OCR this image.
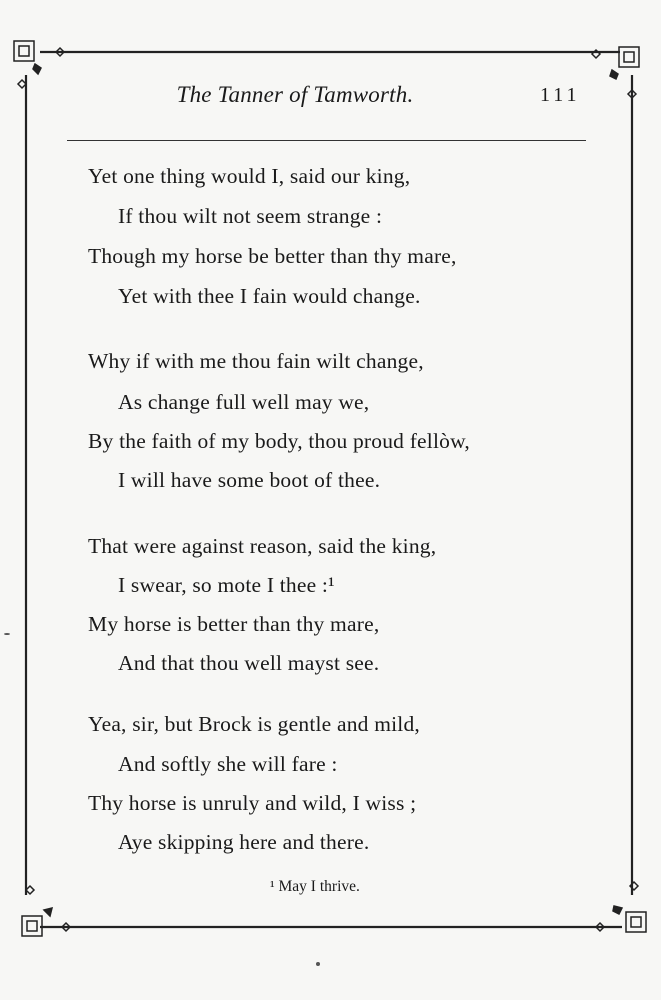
The Tanner of Tamworth.	111
Yet one thing would I, said our king,
If thou wilt not seem strange :
Though my horse be better than thy mare,
Yet with thee I fain would change.
Why if with me thou fain wilt change,
As change full well may we,
By the faith of my body, thou proud fellòw,
I will have some boot of thee.
That were against reason, said the king,
I swear, so mote I thee :¹
My horse is better than thy mare,
And that thou well mayst see.
Yea, sir, but Brock is gentle and mild,
And softly she will fare :
Thy horse is unruly and wild, I wiss ;
Aye skipping here and there.
¹ May I thrive.
